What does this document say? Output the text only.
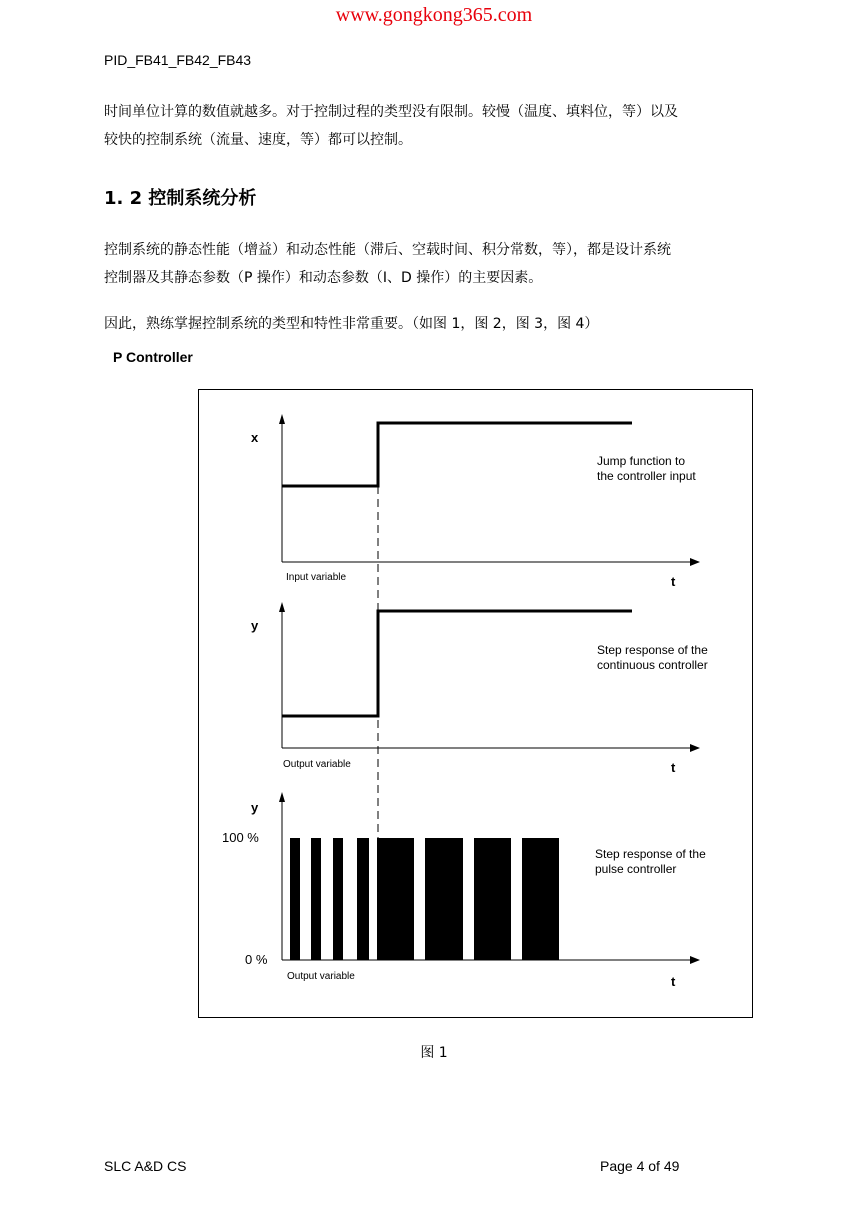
www.gongkong365.com
PID_FB41_FB42_FB43

时间单位计算的数值就越多。对于控制过程的类型没有限制。较慢（温度、填料位，等）以及
较快的控制系统（流量、速度，等）都可以控制。

1. 2 控制系统分析

控制系统的静态性能（增益）和动态性能（滞后、空载时间、积分常数，等），都是设计系统
控制器及其静态参数（P 操作）和动态参数（I、D 操作）的主要因素。

因此，熟练掌握控制系统的类型和特性非常重要。（如图 1，图 2，图 3，图 4）

P Controller
x
t
Input variable
Jump function to
the controller input
y
t
Output variable
Step response of the
continuous controller
y
100 %
0 %
t
Output variable
Step response of the
pulse controller
图 1
SLC A&D CS	Page 4 of 49
